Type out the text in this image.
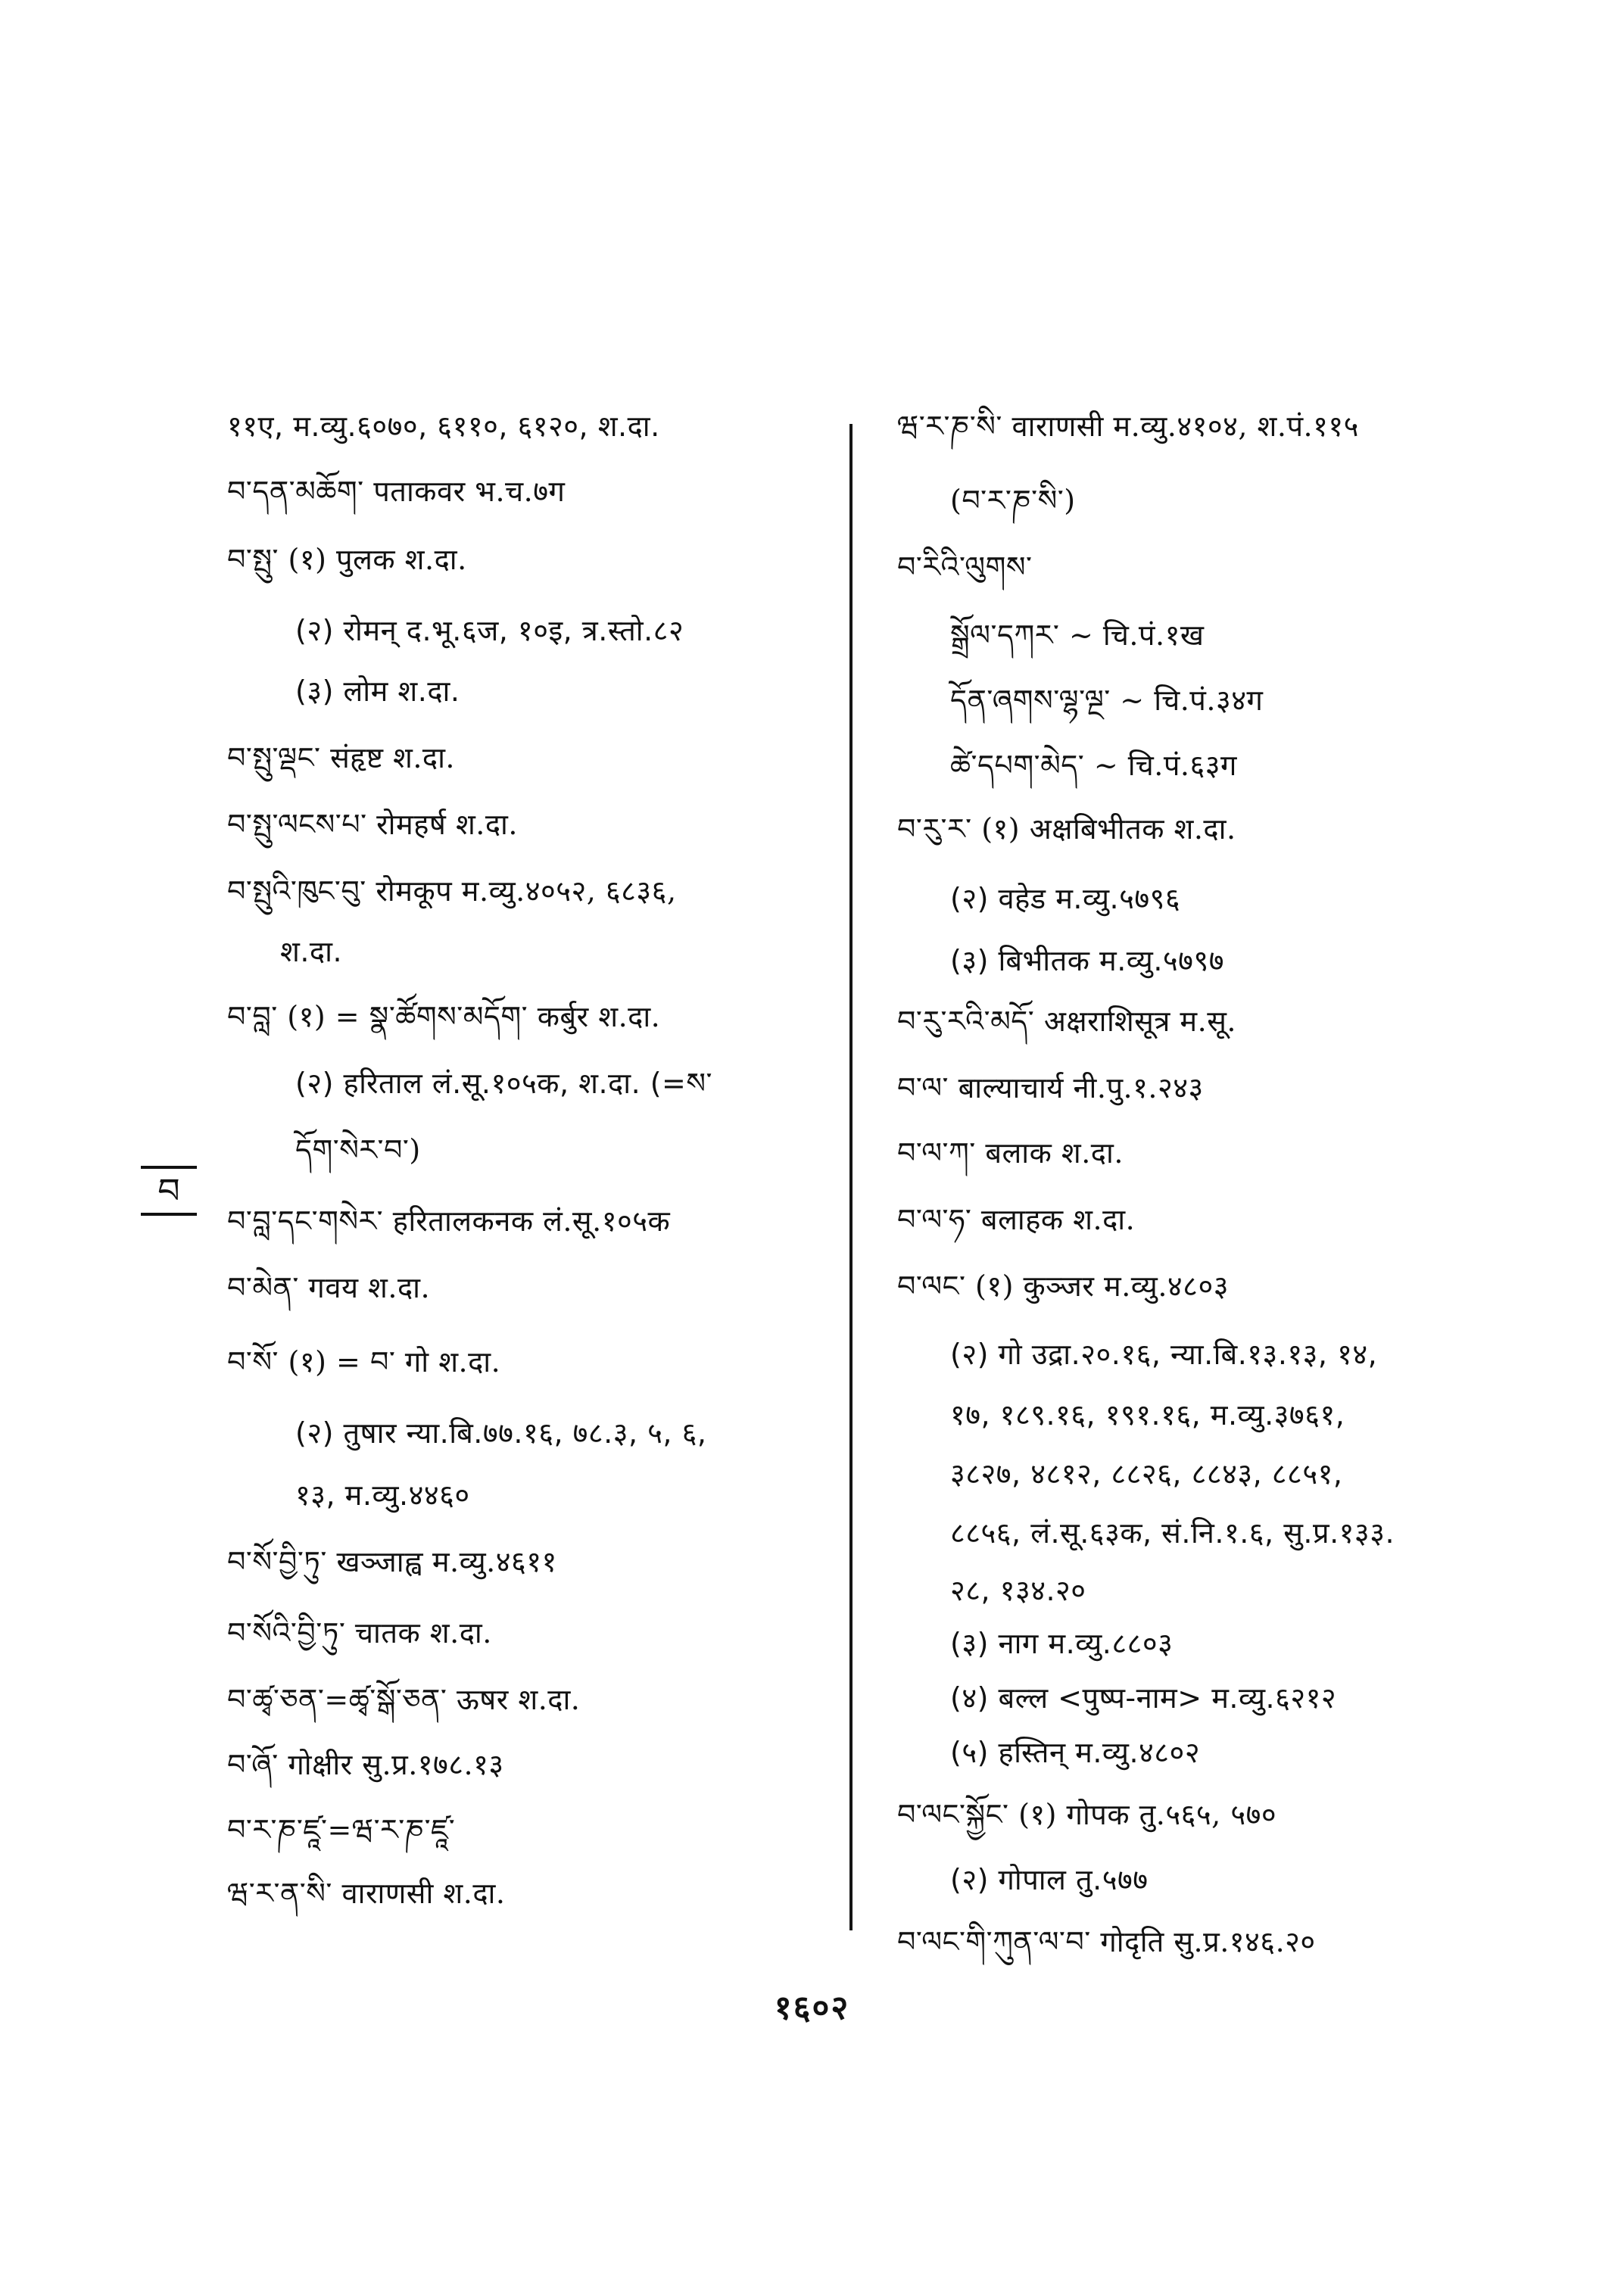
११ए, म.व्यु.६०७०, ६११०, ६१२०, श.दा.
བ་དན་མཆོག་ पताकवर भ.च.७ग
བ་སྤུ་ (१) पुलक श.दा.
(२) रोमन् द.भू.६ज, १०इ, त्र.स्तो.८२
(३) लोम श.दा.
བ་སྤུ་ལྡང་ संहृष्ट श.दा.
བ་སྤུ་ལངས་པ་ रोमहर्ष श.दा.
བ་སྤུའི་ཁུང་བུ་ रोमकूप म.व्यु.४०५२, ६८३६,
श.दा.
བ་བླ་ (१) = སྣ་ཚོགས་མདོག་ कर्बुर श.दा.
(२) हरिताल लं.सू.१०५क, श.दा. (=ས་
དོག་སེར་བ་)
བ་བླ་དང་གསེར་ हरितालकनक लं.सू.१०५क
བ་མེན་ गवय श.दा.
བ་སོ་ (१) = བ་ गो श.दा.
(२) तुषार न्या.बि.७७.१६, ७८.३, ५, ६,
१३, म.व्यु.४४६०
བ་སོ་བྱི་ཏུ་ खञ्जाह्व म.व्यु.४६११
བ་སོའི་བྱི་ཏུ་ चातक श.दा.
བ་ཚྭ་ཅན་=ཚྭ་སྒོ་ཅན་ ऊषर श.दा.
བ་ཞོ་ गोक्षीर सु.प्र.१७८.१३
བ་ར་ཎ་ཛཱ་=ཝ་ར་ཎ་ཛཱ་
ཝ་ར་ན་སི་ वाराणसी श.दा.
ཝ་ར་ཎ་སི་ वाराणसी म.व्यु.४१०४, श.पं.११५
(བ་ར་ཎ་སི་)
བ་རིའི་ལུགས་
སྒྲོལ་དཀར་ ~ चि.पं.१ख
དོན་ཞགས་ལྷ་ལྔ་ ~ चि.पं.३४ग
ཚེ་དཔག་མེད་ ~ चि.पं.६३ग
བ་རུ་ར་ (१) अक्षबिभीतक श.दा.
(२) वहेड म.व्यु.५७९६
(३) बिभीतक म.व्यु.५७९७
བ་རུ་རའི་མདོ་ अक्षराशिसूत्र म.सू.
བ་ལ་ बाल्याचार्य नी.पु.१.२४३
བ་ལ་ཀ་ बलाक श.दा.
བ་ལ་ཧ་ बलाहक श.दा.
བ་ལང་ (१) कुञ्जर म.व्यु.४८०३
(२) गो उद्रा.२०.१६, न्या.बि.१३.१३, १४,
१७, १८९.१६, १९१.१६, म.व्यु.३७६१,
३८२७, ४८१२, ८८२६, ८८४३, ८८५१,
८८५६, लं.सू.६३क, सं.नि.१.६, सु.प्र.१३३.
२८, १३४.२०
(३) नाग म.व्यु.८८०३
(४) बल्ल <पुष्प-नाम> म.व्यु.६२१२
(५) हस्तिन् म.व्यु.४८०२
བ་ལང་སྐྱོང་ (१) गोपक तु.५६५, ५७०
(२) गोपाल तु.५७७
བ་ལང་གི་ཀུན་ལ་བ་ गोदृति सु.प्र.१४६.२०
བ
१६०२
